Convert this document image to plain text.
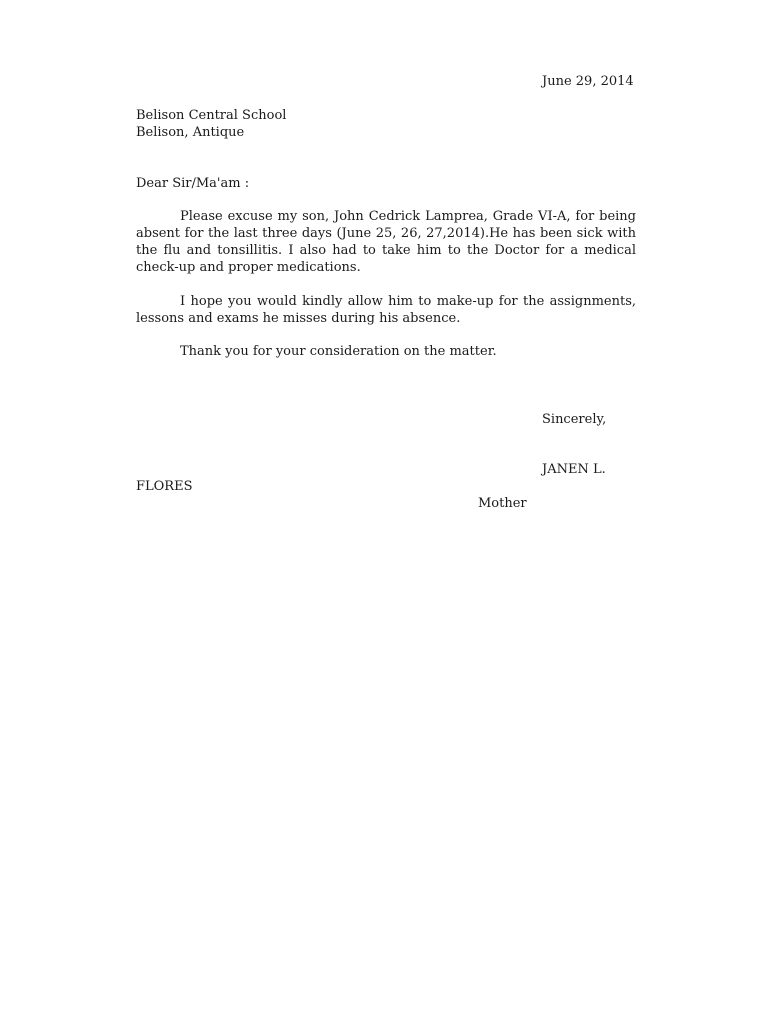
June 29, 2014
Belison Central School
Belison, Antique
Dear Sir/Ma'am :

Please excuse my son, John Cedrick Lamprea, Grade VI-A, for being absent for the last three days (June 25, 26, 27,2014).He has been sick with the flu and tonsillitis. I also had to take him to the Doctor for a medical check-up and proper medications.

I hope you would kindly allow him to make-up for the assignments, lessons and exams he misses during his absence.

Thank you for your consideration on the matter.

Sincerely,
JANEN L.
FLORES
Mother
